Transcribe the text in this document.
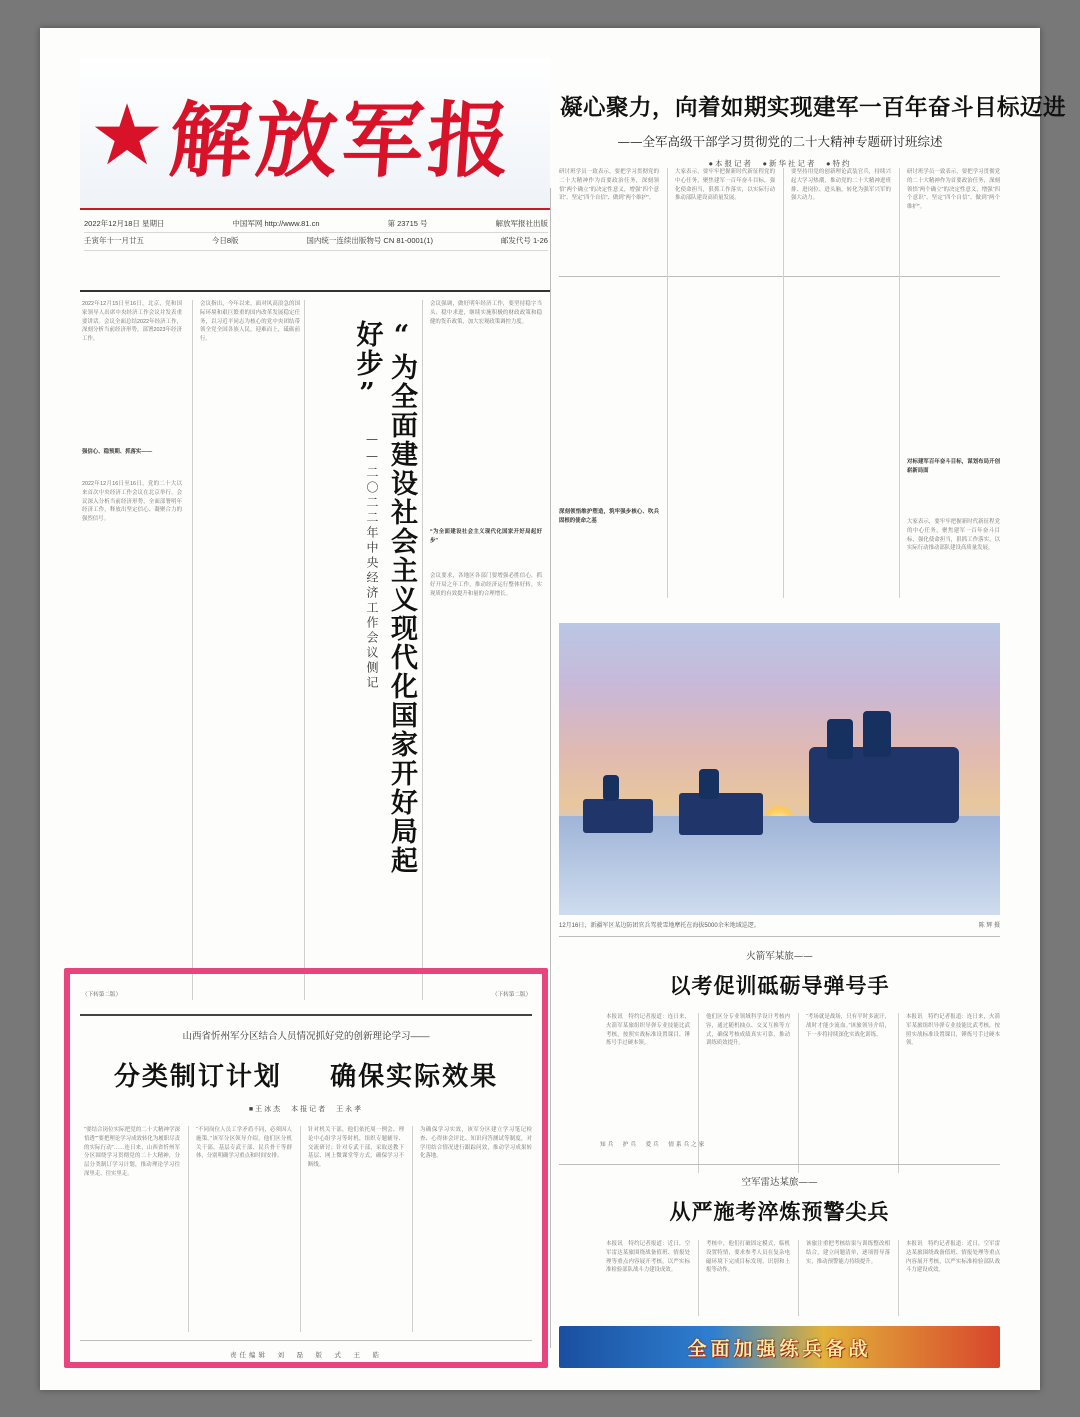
★ 解放军报
2022年12月18日 星期日	中国军网 http://www.81.cn	第 23715 号	解放军报社出版
壬寅年十一月廿五	今日8版	国内统一连续出版物号 CN 81-0001(1)	邮发代号 1-26
凝心聚力，向着如期实现建军一百年奋斗目标迈进
——全军高级干部学习贯彻党的二十大精神专题研讨班综述
●本报记者　●新华社记者　●特约
2022年12月15日至16日，北京，党和国家领导人出席中央经济工作会议并发表重要讲话。会议全面总结2022年经济工作，深刻分析当前经济形势，部署2023年经济工作。
强信心、稳预期、抓落实——
2022年12月16日至16日，党的二十大以来首次中央经济工作会议在北京举行。会议深入分析当前经济形势，全面部署明年经济工作，释放出坚定信心、凝聚合力的强烈信号。
会议指出，今年以来，面对风高浪急的国际环境和艰巨繁重的国内改革发展稳定任务，以习近平同志为核心的党中央团结带领全党全国各族人民，迎难而上，砥砺前行。	“为全面建设社会主义现代化国家开好局起好步”
——二〇二二年中央经济工作会议侧记
会议强调，做好明年经济工作，要坚持稳字当头、稳中求进，继续实施积极的财政政策和稳健的货币政策，加大宏观政策调控力度。
“为全面建设社会主义现代化国家开好局起好步”
会议要求，各地区各部门要增强必胜信心，抓好开局之年工作，推动经济运行整体好转，实现质的有效提升和量的合理增长。
（下转第二版）	（下转第二版）
研讨班学员一致表示，要把学习贯彻党的二十大精神作为首要政治任务，深刻领悟“两个确立”的决定性意义，增强“四个意识”、坚定“四个自信”、做到“两个维护”。
深刻领悟维护塑造，筑牢强步核心、吹兵固根的使命之基
大家表示，要牢牢把握新时代新征程党的中心任务，聚焦建军一百年奋斗目标，强化使命担当，狠抓工作落实，以实际行动推动部队建设高质量发展。
要坚持用党的创新理论武装官兵，持续兴起大学习热潮，推动党的二十大精神进班排、进岗位、进头脑，转化为强军兴军的强大动力。
研讨班学员一致表示，要把学习贯彻党的二十大精神作为首要政治任务，深刻领悟“两个确立”的决定性意义，增强“四个意识”、坚定“四个自信”、做到“两个维护”。
对标建军百年奋斗目标，谋划布局开创崭新局面
大家表示，要牢牢把握新时代新征程党的中心任务，聚焦建军一百年奋斗目标，强化使命担当，狠抓工作落实，以实际行动推动部队建设高质量发展。
12月16日，新疆军区某边防团官兵驾驶雪地摩托在海拔5000余米地域巡逻。	陈 辉 摄
火箭军某旅——
以考促训砥砺导弹号手
本报讯　特约记者报道：连日来，火箭军某旅组织导弹专业技能比武考核，按照实战标准设置课目，锤炼号手过硬本领。
他们区分专业领域科学设计考核内容，通过随机抽点、交叉互换等方式，确保考核成绩真实可靠，推动训练质效提升。
“考场就是战场，只有平时多流汗，战时才能少流血。”该旅领导介绍，下一步将持续深化实战化训练。
本报讯　特约记者报道：连日来，火箭军某旅组织导弹专业技能比武考核，按照实战标准设置课目，锤炼号手过硬本领。
知兵　护兵　爱兵　情系兵之家
空军雷达某旅——
从严施考淬炼预警尖兵
本报讯　特约记者报道：近日，空军雷达某旅围绕战备值班、情报处理等重点内容展开考核，以严实标准检验部队战斗力建设成效。
考核中，他们打破固定模式，临机设置特情，要求参考人员在复杂电磁环境下完成目标发现、识别和上报等动作。
该旅注重把考核结果与训练整改相结合，建立问题清单，逐项督导落实，推动预警能力持续提升。
本报讯　特约记者报道：近日，空军雷达某旅围绕战备值班、情报处理等重点内容展开考核，以严实标准检验部队战斗力建设成效。
全面加强练兵备战
山西省忻州军分区结合人员情况抓好党的创新理论学习——
分类制订计划 确保实际效果
■王冰杰　本报记者　王永孝
“要结合岗位实际把党的二十大精神学深悟透”“要把理论学习成效转化为履职尽责的实际行动”……连日来，山西省忻州军分区围绕学习贯彻党的二十大精神，分层分类制订学习计划，推动理论学习往深里走、往实里走。
“不同岗位人员工学矛盾不同，必须因人施策。”该军分区领导介绍，他们区分机关干部、基层专武干部、民兵骨干等群体，分别明确学习重点和时间安排。
针对机关干部，他们依托周一例会、理论中心组学习等时机，组织专题辅导、交流研讨；针对专武干部，采取送教下基层、网上微课堂等方式，确保学习不断线。
为确保学习实效，该军分区建立学习笔记检查、心得体会评比、知识问答测试等制度，对学用结合情况进行跟踪问效，推动学习成果转化落地。
责任编辑　刘　磊　版　式　王　皓
